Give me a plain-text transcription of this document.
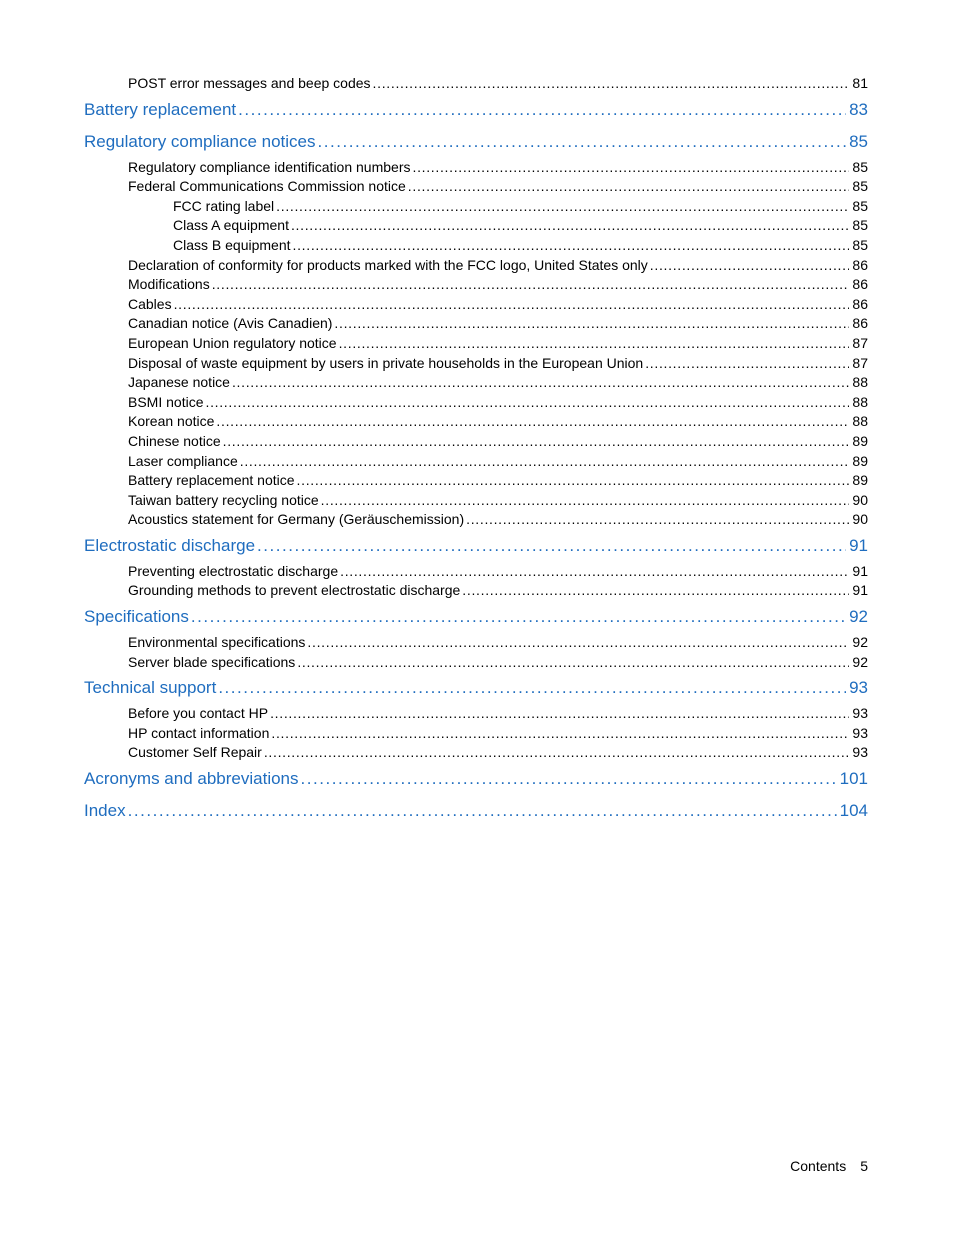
POST error messages and beep codes . . .	81
Battery replacement . . .	83
Regulatory compliance notices . . .	85
Regulatory compliance identification numbers . . .	85
Federal Communications Commission notice . . .	85
FCC rating label . . .	85
Class A equipment . . .	85
Class B equipment . . .	85
Declaration of conformity for products marked with the FCC logo, United States only . . .	86
Modifications . . .	86
Cables . . .	86
Canadian notice (Avis Canadien) . . .	86
European Union regulatory notice . . .	87
Disposal of waste equipment by users in private households in the European Union . . .	87
Japanese notice . . .	88
BSMI notice . . .	88
Korean notice . . .	88
Chinese notice . . .	89
Laser compliance . . .	89
Battery replacement notice . . .	89
Taiwan battery recycling notice . . .	90
Acoustics statement for Germany (Geräuschemission) . . .	90
Electrostatic discharge . . .	91
Preventing electrostatic discharge . . .	91
Grounding methods to prevent electrostatic discharge . . .	91
Specifications . . .	92
Environmental specifications . . .	92
Server blade specifications . . .	92
Technical support . . .	93
Before you contact HP . . .	93
HP contact information . . .	93
Customer Self Repair . . .	93
Acronyms and abbreviations . . .	101
Index . . .	104
Contents 5
